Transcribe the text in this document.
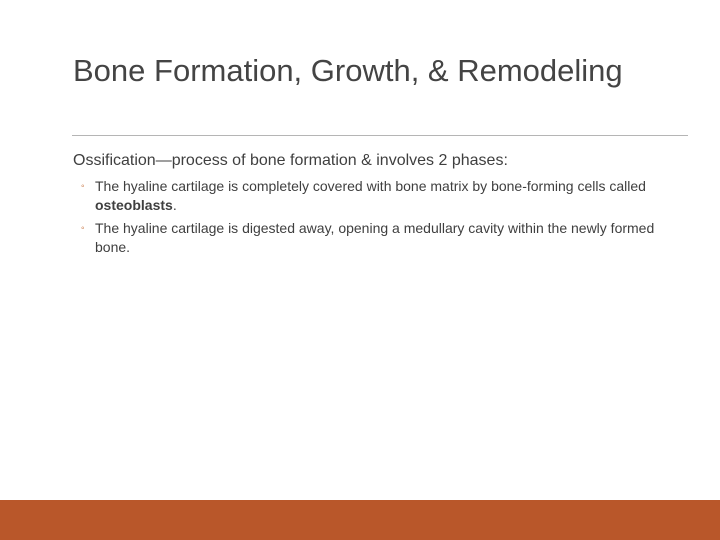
Bone Formation, Growth, & Remodeling

Ossification—process of bone formation & involves 2 phases:

◦ The hyaline cartilage is completely covered with bone matrix by bone-forming cells called osteoblasts.
◦ The hyaline cartilage is digested away, opening a medullary cavity within the newly formed bone.
